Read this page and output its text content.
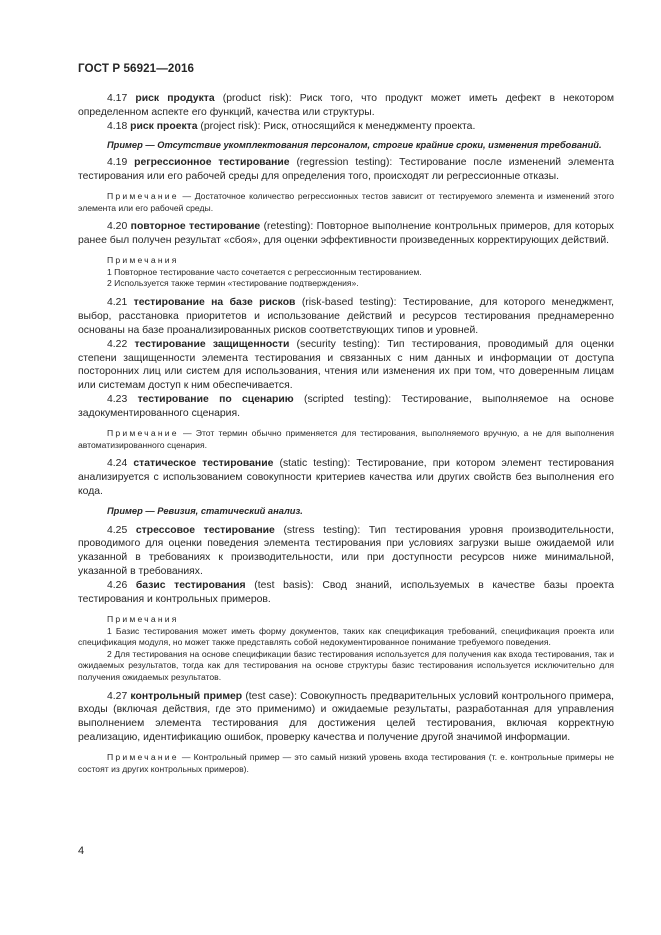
ГОСТ Р 56921—2016

4.17 риск продукта (product risk): Риск того, что продукт может иметь дефект в некотором определенном аспекте его функций, качества или структуры.

4.18 риск проекта (project risk): Риск, относящийся к менеджменту проекта.

Пример — Отсутствие укомплектования персоналом, строгие крайние сроки, изменения требований.

4.19 регрессионное тестирование (regression testing): Тестирование после изменений элемента тестирования или его рабочей среды для определения того, происходят ли регрессионные отказы.

Примечание — Достаточное количество регрессионных тестов зависит от тестируемого элемента и изменений этого элемента или его рабочей среды.

4.20 повторное тестирование (retesting): Повторное выполнение контрольных примеров, для которых ранее был получен результат «сбоя», для оценки эффективности произведенных корректирующих действий.

Примечания

1 Повторное тестирование часто сочетается с регрессионным тестированием.

2 Используется также термин «тестирование подтверждения».

4.21 тестирование на базе рисков (risk-based testing): Тестирование, для которого менеджмент, выбор, расстановка приоритетов и использование действий и ресурсов тестирования преднамеренно основаны на базе проанализированных рисков соответствующих типов и уровней.

4.22 тестирование защищенности (security testing): Тип тестирования, проводимый для оценки степени защищенности элемента тестирования и связанных с ним данных и информации от доступа посторонних лиц или систем для использования, чтения или изменения их при том, что доверенным лицам или системам доступ к ним обеспечивается.

4.23 тестирование по сценарию (scripted testing): Тестирование, выполняемое на основе задокументированного сценария.

Примечание — Этот термин обычно применяется для тестирования, выполняемого вручную, а не для выполнения автоматизированного сценария.

4.24 статическое тестирование (static testing): Тестирование, при котором элемент тестирования анализируется с использованием совокупности критериев качества или других свойств без выполнения его кода.

Пример — Ревизия, статический анализ.

4.25 стрессовое тестирование (stress testing): Тип тестирования уровня производительности, проводимого для оценки поведения элемента тестирования при условиях загрузки выше ожидаемой или указанной в требованиях к производительности, или при доступности ресурсов ниже минимальной, указанной в требованиях.

4.26 базис тестирования (test basis): Свод знаний, используемых в качестве базы проекта тестирования и контрольных примеров.

Примечания

1 Базис тестирования может иметь форму документов, таких как спецификация требований, спецификация проекта или спецификация модуля, но может также представлять собой недокументированное понимание требуемого поведения.

2 Для тестирования на основе спецификации базис тестирования используется для получения как входа тестирования, так и ожидаемых результатов, тогда как для тестирования на основе структуры базис тестирования используется исключительно для получения ожидаемых результатов.

4.27 контрольный пример (test case): Совокупность предварительных условий контрольного примера, входы (включая действия, где это применимо) и ожидаемые результаты, разработанная для управления выполнением элемента тестирования для достижения целей тестирования, включая корректную реализацию, идентификацию ошибок, проверку качества и получение другой значимой информации.

Примечание — Контрольный пример — это самый низкий уровень входа тестирования (т. е. контрольные примеры не состоят из других контрольных примеров).

4
